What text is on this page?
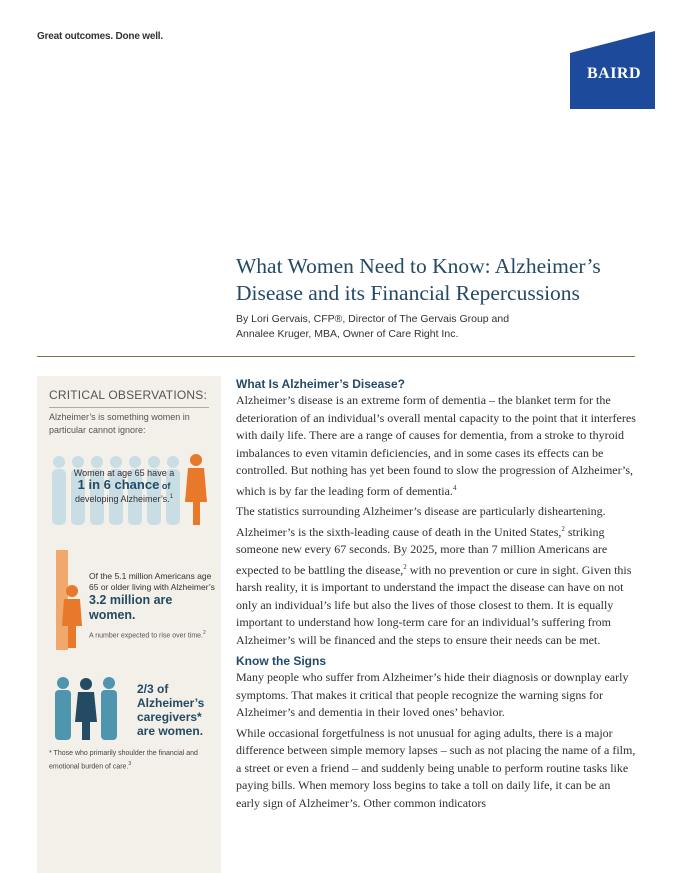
Great outcomes. Done well.
BAIRD
What Women Need to Know: Alzheimer’s Disease and its Financial Repercussions
By Lori Gervais, CFP®, Director of The Gervais Group and
Annalee Kruger, MBA, Owner of Care Right Inc.
CRITICAL OBSERVATIONS:
Alzheimer’s is something women in particular cannot ignore:
Women at age 65 have a
1 in 6 chance of
developing Alzheimer’s.$^1$
Of the 5.1 million Americans age 65 or older living with Alzheimer’s
3.2 million are women.
A number expected to rise over time.$^2$
2/3 of Alzheimer’s caregivers* are women.
* Those who primarily shoulder the financial and emotional burden of care.$^3$
What Is Alzheimer’s Disease?

Alzheimer’s disease is an extreme form of dementia – the blanket term for the deterioration of an individual’s overall mental capacity to the point that it interferes with daily life. There are a range of causes for dementia, from a stroke to thyroid imbalances to even vitamin deficiencies, and in some cases its effects can be controlled. But nothing has yet been found to slow the progression of Alzheimer’s, which is by far the leading form of dementia.$^4$

The statistics surrounding Alzheimer’s disease are particularly disheartening. Alzheimer’s is the sixth-leading cause of death in the United States,$^2$ striking someone new every 67 seconds. By 2025, more than 7 million Americans are expected to be battling the disease,$^2$ with no prevention or cure in sight. Given this harsh reality, it is important to understand the impact the disease can have on not only an individual’s life but also the lives of those closest to them. It is equally important to understand how long-term care for an individual’s suffering from Alzheimer’s will be financed and the steps to ensure their needs can be met.

Know the Signs

Many people who suffer from Alzheimer’s hide their diagnosis or downplay early symptoms. That makes it critical that people recognize the warning signs for Alzheimer’s and dementia in their loved ones’ behavior.

While occasional forgetfulness is not unusual for aging adults, there is a major difference between simple memory lapses – such as not placing the name of a film, a street or even a friend – and suddenly being unable to perform routine tasks like paying bills. When memory loss begins to take a toll on daily life, it can be an early sign of Alzheimer’s. Other common indicators
